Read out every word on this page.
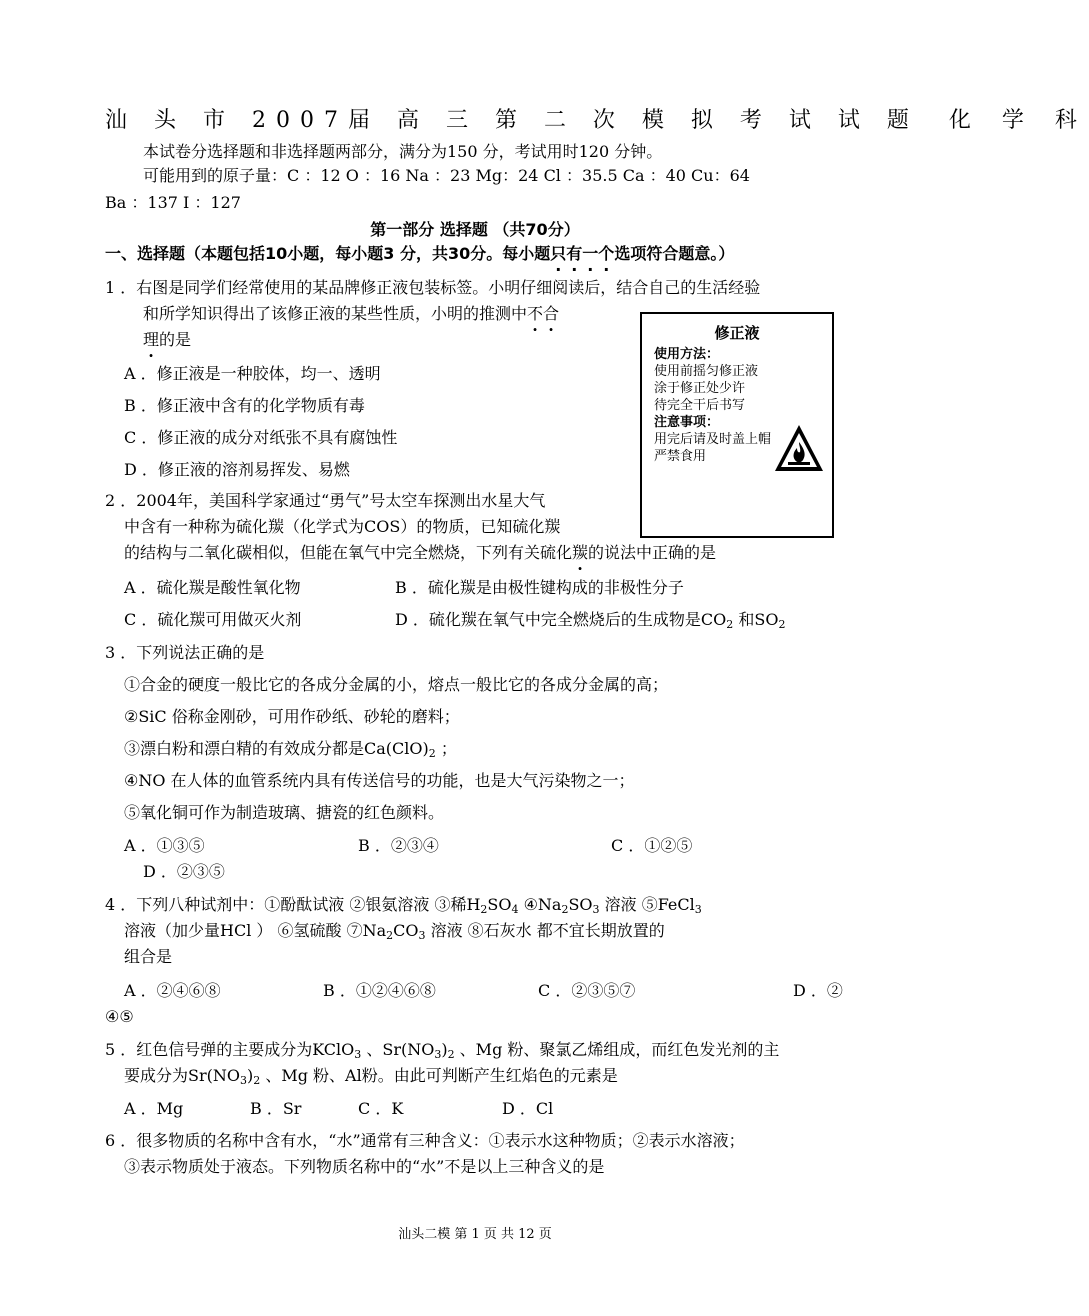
汕 头 市 2007届 高 三 第 二 次 模 拟 考 试 试 题 化 学 科
本试卷分选择题和非选择题两部分，满分为150 分，考试用时120 分钟。
可能用到的原子量：C ：12 O ：16 Na ：23 Mg：24 Cl ：35.5 Ca ：40 Cu：64
Ba ：137 I ：127
第一部分 选择题 （共70分）
一、选择题（本题包括10小题，每小题3 分，共30分。每小题只有一个选项符合题意。）
修正液
使用方法：
使用前摇匀修正液
涂于修正处少许
待完全干后书写
注意事项：
用完后请及时盖上帽
严禁食用
1 ．右图是同学们经常使用的某品牌修正液包装标签。小明仔细阅读后，结合自己的生活经验
和所学知识得出了该修正液的某些性质，小明的推测中不合
理的是
A ．修正液是一种胶体，均一、透明
B ．修正液中含有的化学物质有毒
C ．修正液的成分对纸张不具有腐蚀性
D ．修正液的溶剂易挥发、易燃
2 ．2004年，美国科学家通过“勇气”号太空车探测出水星大气
中含有一种称为硫化羰（化学式为COS）的物质，已知硫化羰
的结构与二氧化碳相似，但能在氧气中完全燃烧，下列有关硫化羰的说法中正确的是
A ．硫化羰是酸性氧化物	B ．硫化羰是由极性键构成的非极性分子
C ．硫化羰可用做灭火剂	D ．硫化羰在氧气中完全燃烧后的生成物是$CO_2$ 和$SO_2$
3 ．下列说法正确的是
①合金的硬度一般比它的各成分金属的小，熔点一般比它的各成分金属的高；
②SiC 俗称金刚砂，可用作砂纸、砂轮的磨料；
③漂白粉和漂白精的有效成分都是$Ca(ClO)_2$ ；
④NO 在人体的血管系统内具有传送信号的功能，也是大气污染物之一；
⑤氧化铜可作为制造玻璃、搪瓷的红色颜料。
A ．①③⑤	B ．②③④	C ．①②⑤
D ．②③⑤
4 ．下列八种试剂中：①酚酞试液 ②银氨溶液 ③稀$H_2SO_4$ $④Na_2SO_3$ 溶液 ⑤FeCl$_3$
溶液（加少量HCl ） ⑥氢硫酸 $⑦Na_2CO_3$ 溶液 ⑧石灰水 都不宜长期放置的
组合是
A ．②④⑥⑧	B ．①②④⑥⑧	C ．②③⑤⑦	D ．②
④⑤
5 ．红色信号弹的主要成分为KClO$_3$ 、$Sr(NO_3)_2$ 、Mg 粉、聚氯乙烯组成，而红色发光剂的主
要成分为$Sr(NO_3)_2$ 、Mg 粉、Al粉。由此可判断产生红焰色的元素是
A ．Mg	B ．Sr	C ．K	D ．Cl
6 ．很多物质的名称中含有水，“水”通常有三种含义：①表示水这种物质；②表示水溶液；
③表示物质处于液态。下列物质名称中的“水”不是以上三种含义的是
汕头二模 第 1 页 共 12 页
